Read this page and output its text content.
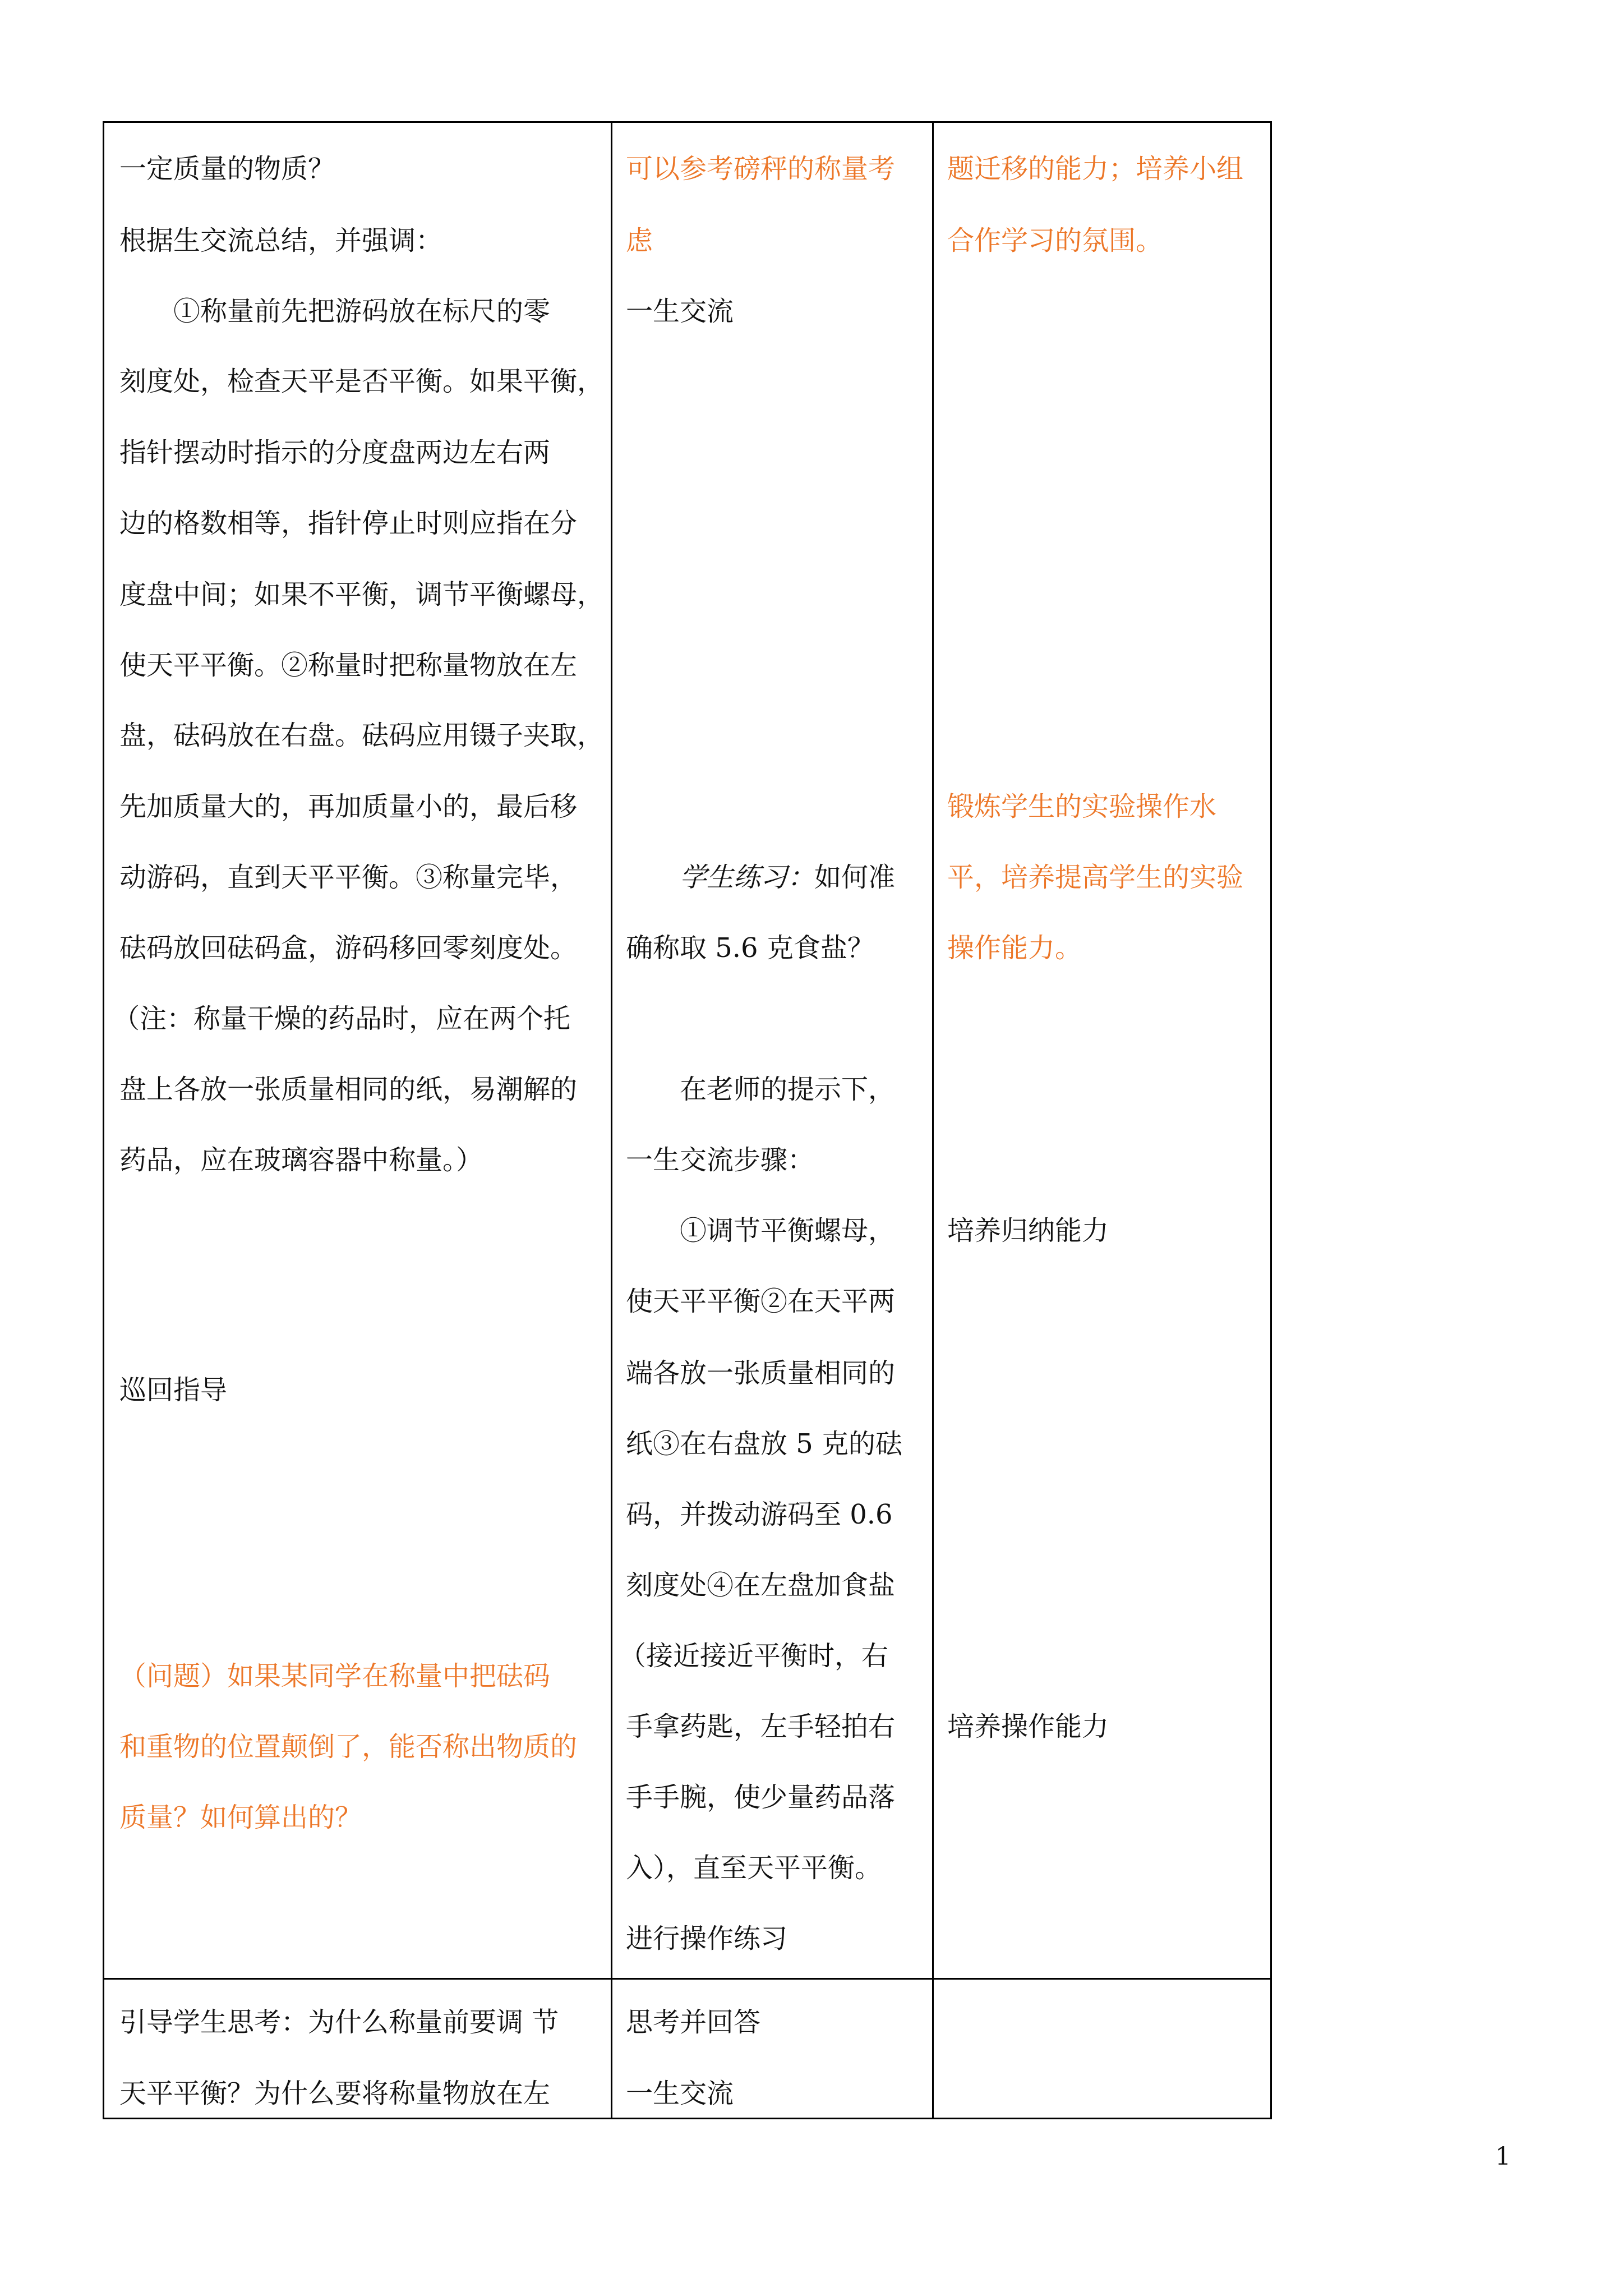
一定质量的物质？
根据生交流总结，并强调：
　　①称量前先把游码放在标尺的零
刻度处，检查天平是否平衡。如果平衡，
指针摆动时指示的分度盘两边左右两
边的格数相等，指针停止时则应指在分
度盘中间；如果不平衡，调节平衡螺母，
使天平平衡。②称量时把称量物放在左
盘，砝码放在右盘。砝码应用镊子夹取，
先加质量大的，再加质量小的，最后移
动游码，直到天平平衡。③称量完毕，
砝码放回砝码盒，游码移回零刻度处。
（注：称量干燥的药品时，应在两个托
盘上各放一张质量相同的纸，易潮解的
药品，应在玻璃容器中称量。）
巡回指导
（问题）如果某同学在称量中把砝码
和重物的位置颠倒了，能否称出物质的
质量？如何算出的？
可以参考磅秤的称量考
虑
一生交流
　　学生练习：如何准
确称取 5.6 克食盐？
　　在老师的提示下，
一生交流步骤：
　　①调节平衡螺母，
使天平平衡②在天平两
端各放一张质量相同的
纸③在右盘放 5 克的砝
码，并拨动游码至 0.6
刻度处④在左盘加食盐
（接近接近平衡时，右
手拿药匙，左手轻拍右
手手腕，使少量药品落
入），直至天平平衡。
进行操作练习
题迁移的能力；培养小组
合作学习的氛围。
锻炼学生的实验操作水
平，培养提高学生的实验
操作能力。
培养归纳能力
培养操作能力
引导学生思考：为什么称量前要调 节
天平平衡？为什么要将称量物放在左
思考并回答
一生交流
1
